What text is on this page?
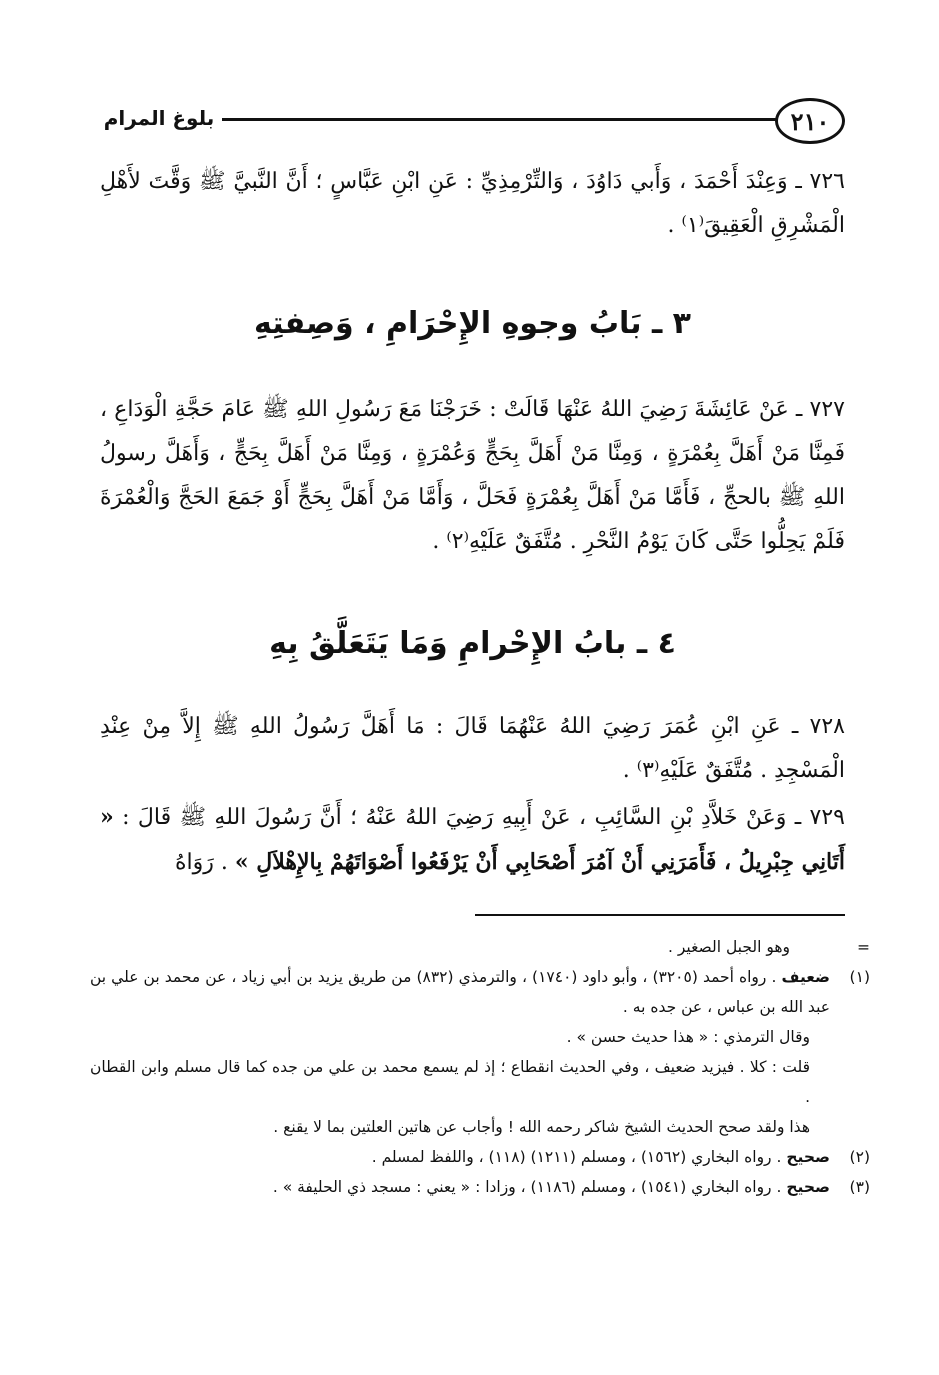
٢١٠
بلوغ المرام
٧٢٦ ـ وَعِنْدَ أَحْمَدَ ، وَأَبي دَاوُدَ ، وَالتِّرْمِذِيِّ : عَنِ ابْنِ عَبَّاسٍ ؛ أَنَّ النَّبيَّ ﷺ وَقَّتَ لأَهْلِ الْمَشْرِقِ الْعَقِيقَ⁽١⁾ .
٣ ـ بَابُ وجوهِ الإِحْرَامِ ، وَصِفتِهِ
٧٢٧ ـ عَنْ عَائِشَةَ رَضِيَ اللهُ عَنْهَا قَالَتْ : خَرَجْنَا مَعَ رَسُولِ اللهِ ﷺ عَامَ حَجَّةِ الْوَدَاعِ ، فَمِنَّا مَنْ أَهَلَّ بِعُمْرَةٍ ، وَمِنَّا مَنْ أَهَلَّ بِحَجٍّ وَعُمْرَةٍ ، وَمِنَّا مَنْ أَهَلَّ بِحَجٍّ ، وَأَهَلَّ رسولُ اللهِ ﷺ بالحجِّ ، فَأَمَّا مَنْ أَهَلَّ بِعُمْرَةٍ فَحَلَّ ، وَأَمَّا مَنْ أَهَلَّ بِحَجٍّ أَوْ جَمَعَ الحَجَّ وَالْعُمْرَةَ فَلَمْ يَحِلُّوا حَتَّى كَانَ يَوْمُ النَّحْرِ . مُتَّفَقٌ عَلَيْهِ⁽٢⁾ .
٤ ـ بابُ الإِحْرامِ وَمَا يَتَعَلَّقُ بِهِ
٧٢٨ ـ عَنِ ابْنِ عُمَرَ رَضِيَ اللهُ عَنْهُمَا قَالَ : مَا أَهَلَّ رَسُولُ اللهِ ﷺ إِلاَّ مِنْ عِنْدِ الْمَسْجِدِ . مُتَّفَقٌ عَلَيْهِ⁽٣⁾ .
٧٢٩ ـ وَعَنْ خَلاَّدِ بْنِ السَّائِبِ ، عَنْ أَبِيهِ رَضِيَ اللهُ عَنْهُ ؛ أَنَّ رَسُولَ اللهِ ﷺ قَالَ : « أَتَانِي جِبْرِيلُ ، فَأَمَرَنِي أَنْ آمُرَ أَصْحَابِي أَنْ يَرْفَعُوا أَصْوَاتَهُمْ بِالإِهْلاَلِ » . رَوَاهُ
=
وهو الجبل الصغير .
(١)
ضعيف . رواه أحمد (٣٢٠٥) ، وأبو داود (١٧٤٠) ، والترمذي (٨٣٢) من طريق يزيد بن أبي زياد ، عن محمد بن علي بن عبد الله بن عباس ، عن جده به .
وقال الترمذي : « هذا حديث حسن » .
قلت : كلا . فيزيد ضعيف ، وفي الحديث انقطاع ؛ إذ لم يسمع محمد بن علي من جده كما قال مسلم وابن القطان .
هذا ولقد صحح الحديث الشيخ شاكر رحمه الله ! وأجاب عن هاتين العلتين بما لا يقنع .
(٢)
صحيح . رواه البخاري (١٥٦٢) ، ومسلم (١٢١١) (١١٨) ، واللفظ لمسلم .
(٣)
صحيح . رواه البخاري (١٥٤١) ، ومسلم (١١٨٦) ، وزادا : « يعني : مسجد ذي الحليفة » .
